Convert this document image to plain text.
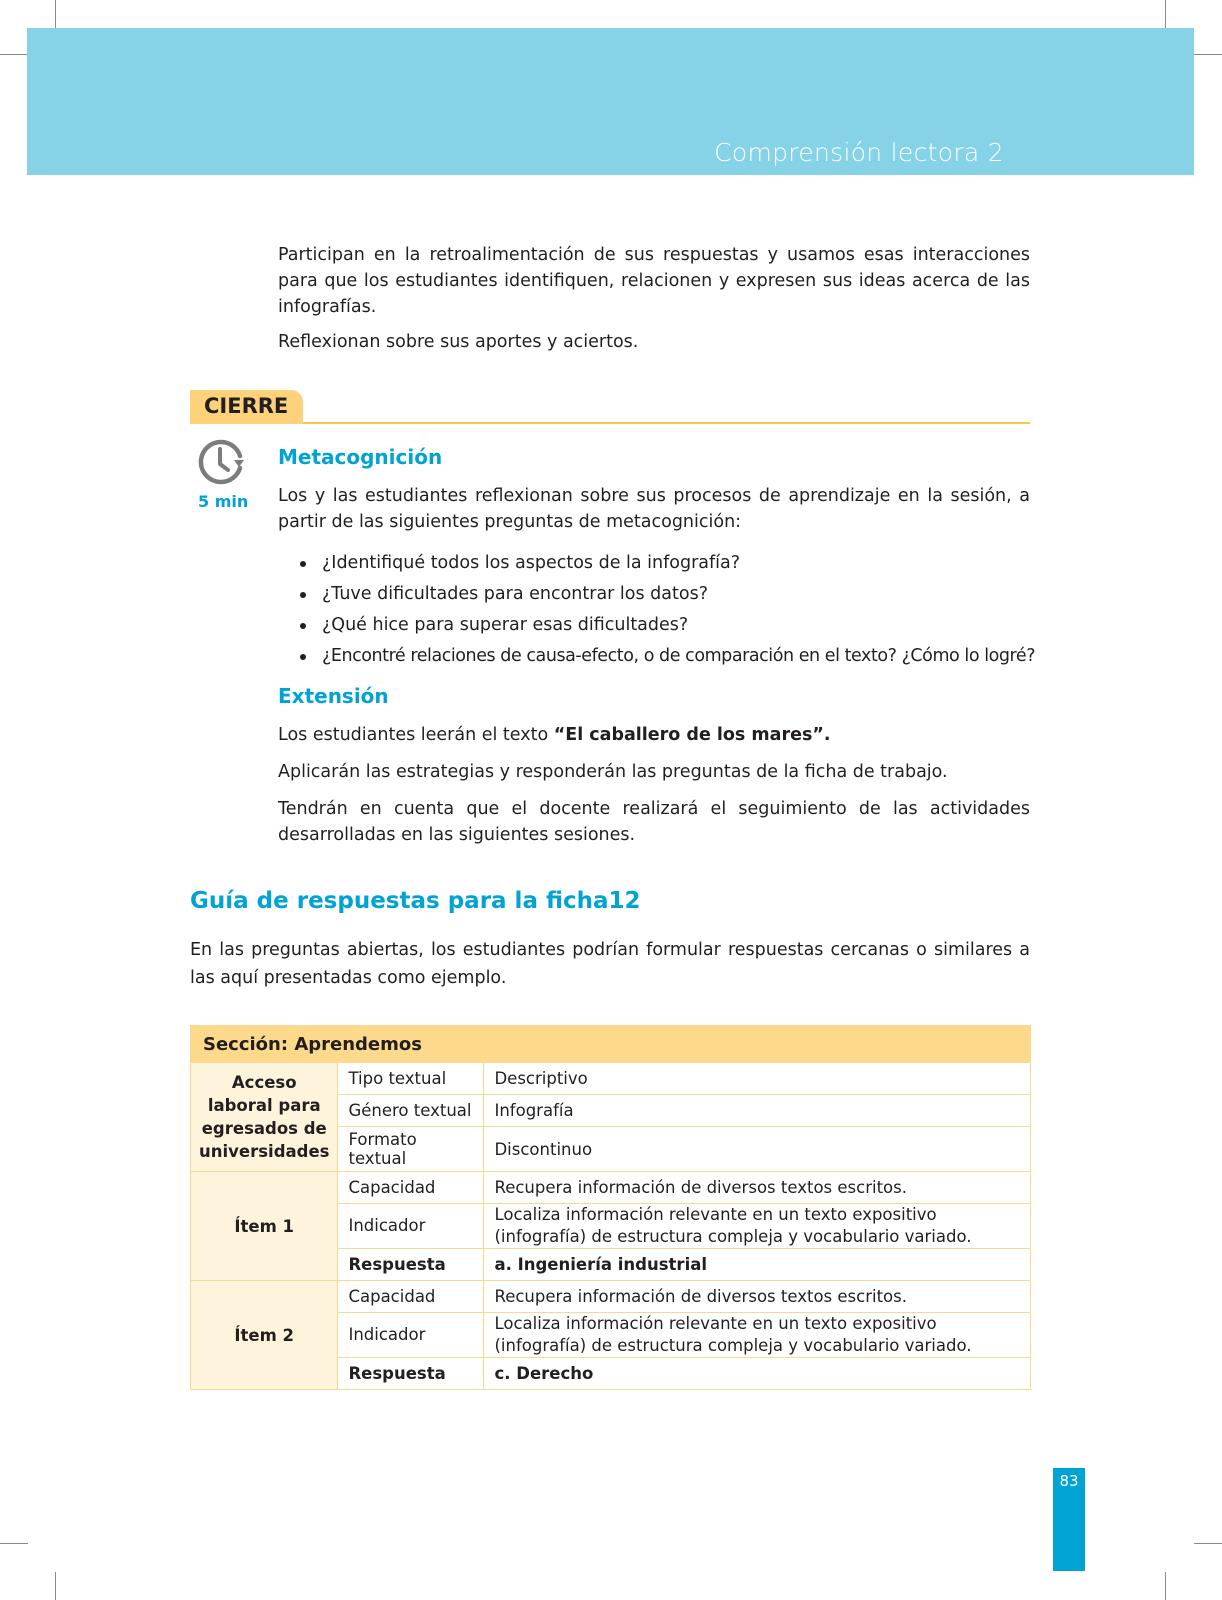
Comprensión lectora 2
Participan en la retroalimentación de sus respuestas y usamos esas interacciones para que los estudiantes identifiquen, relacionen y expresen sus ideas acerca de las infografías.
Reflexionan sobre sus aportes y aciertos.
CIERRE
5 min
Metacognición
Los y las estudiantes reflexionan sobre sus procesos de aprendizaje en la sesión, a partir de las siguientes preguntas de metacognición:
¿Identifiqué todos los aspectos de la infografía?
¿Tuve dificultades para encontrar los datos?
¿Qué hice para superar esas dificultades?
¿Encontré relaciones de causa-efecto, o de comparación en el texto? ¿Cómo lo logré?
Extensión
Los estudiantes leerán el texto “El caballero de los mares”.
Aplicarán las estrategias y responderán las preguntas de la ficha de trabajo.
Tendrán en cuenta que el docente realizará el seguimiento de las actividades desarrolladas en las siguientes sesiones.
Guía de respuestas para la ficha12
En las preguntas abiertas, los estudiantes podrían formular respuestas cercanas o similares a las aquí presentadas como ejemplo.
Sección: Aprendemos		
Acceso laboral para egresados de universidades	Tipo textual	Descriptivo
	Género textual	Infografía
	Formato textual	Discontinuo
Ítem 1	Capacidad	Recupera información de diversos textos escritos.
	Indicador	Localiza información relevante en un texto expositivo (infografía) de estructura compleja y vocabulario variado.
	Respuesta	a. Ingeniería industrial
Ítem 2	Capacidad	Recupera información de diversos textos escritos.
	Indicador	Localiza información relevante en un texto expositivo (infografía) de estructura compleja y vocabulario variado.
	Respuesta	c. Derecho
83
